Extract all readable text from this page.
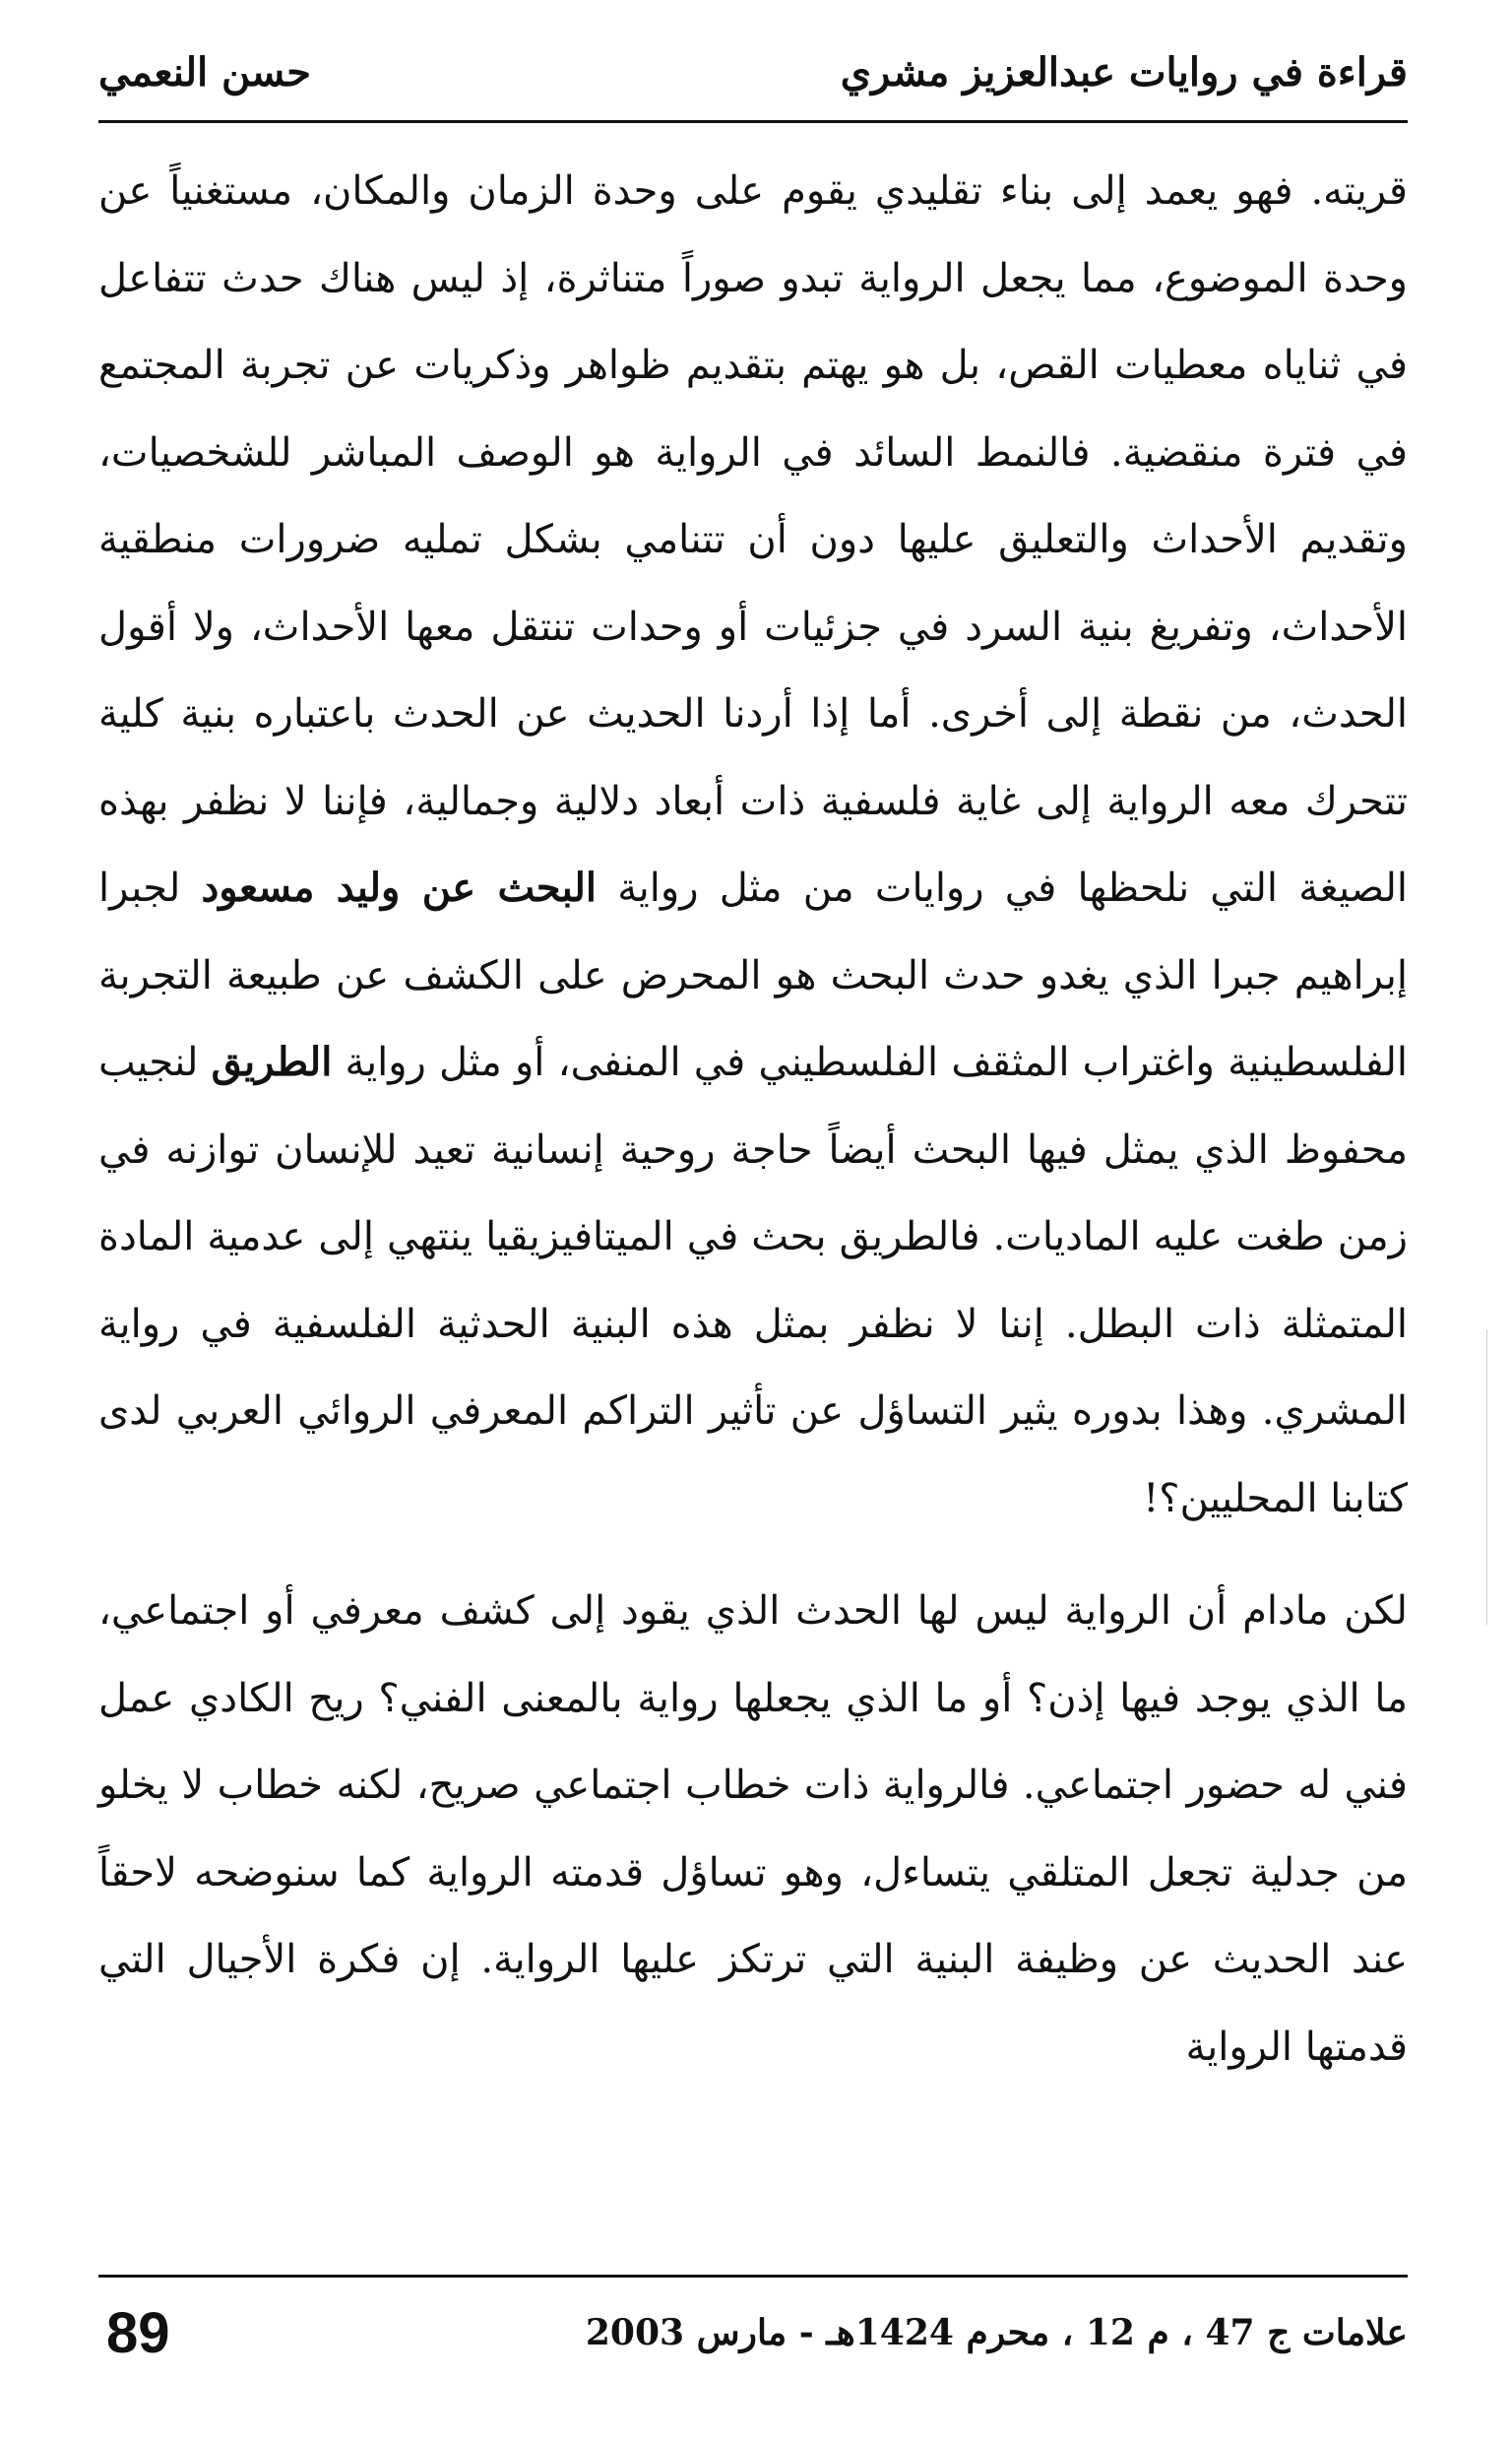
قراءة في روايات عبدالعزيز مشري
حسن النعمي

قريته. فهو يعمد إلى بناء تقليدي يقوم على وحدة الزمان والمكان، مستغنياً عن وحدة الموضوع، مما يجعل الرواية تبدو صوراً متناثرة، إذ ليس هناك حدث تتفاعل في ثناياه معطيات القص، بل هو يهتم بتقديم ظواهر وذكريات عن تجربة المجتمع في فترة منقضية. فالنمط السائد في الرواية هو الوصف المباشر للشخصيات، وتقديم الأحداث والتعليق عليها دون أن تتنامي بشكل تمليه ضرورات منطقية الأحداث، وتفريغ بنية السرد في جزئيات أو وحدات تنتقل معها الأحداث، ولا أقول الحدث، من نقطة إلى أخرى. أما إذا أردنا الحديث عن الحدث باعتباره بنية كلية تتحرك معه الرواية إلى غاية فلسفية ذات أبعاد دلالية وجمالية، فإننا لا نظفر بهذه الصيغة التي نلحظها في روايات من مثل رواية البحث عن وليد مسعود لجبرا إبراهيم جبرا الذي يغدو حدث البحث هو المحرض على الكشف عن طبيعة التجربة الفلسطينية واغتراب المثقف الفلسطيني في المنفى، أو مثل رواية الطريق لنجيب محفوظ الذي يمثل فيها البحث أيضاً حاجة روحية إنسانية تعيد للإنسان توازنه في زمن طغت عليه الماديات. فالطريق بحث في الميتافيزيقيا ينتهي إلى عدمية المادة المتمثلة ذات البطل. إننا لا نظفر بمثل هذه البنية الحدثية الفلسفية في رواية المشري. وهذا بدوره يثير التساؤل عن تأثير التراكم المعرفي الروائي العربي لدى كتابنا المحليين؟!

لكن مادام أن الرواية ليس لها الحدث الذي يقود إلى كشف معرفي أو اجتماعي، ما الذي يوجد فيها إذن؟ أو ما الذي يجعلها رواية بالمعنى الفني؟ ريح الكادي عمل فني له حضور اجتماعي. فالرواية ذات خطاب اجتماعي صريح، لكنه خطاب لا يخلو من جدلية تجعل المتلقي يتساءل، وهو تساؤل قدمته الرواية كما سنوضحه لاحقاً عند الحديث عن وظيفة البنية التي ترتكز عليها الرواية. إن فكرة الأجيال التي قدمتها الرواية

علامات ج 47 ، م 12 ، محرم 1424هـ - مارس 2003
89
